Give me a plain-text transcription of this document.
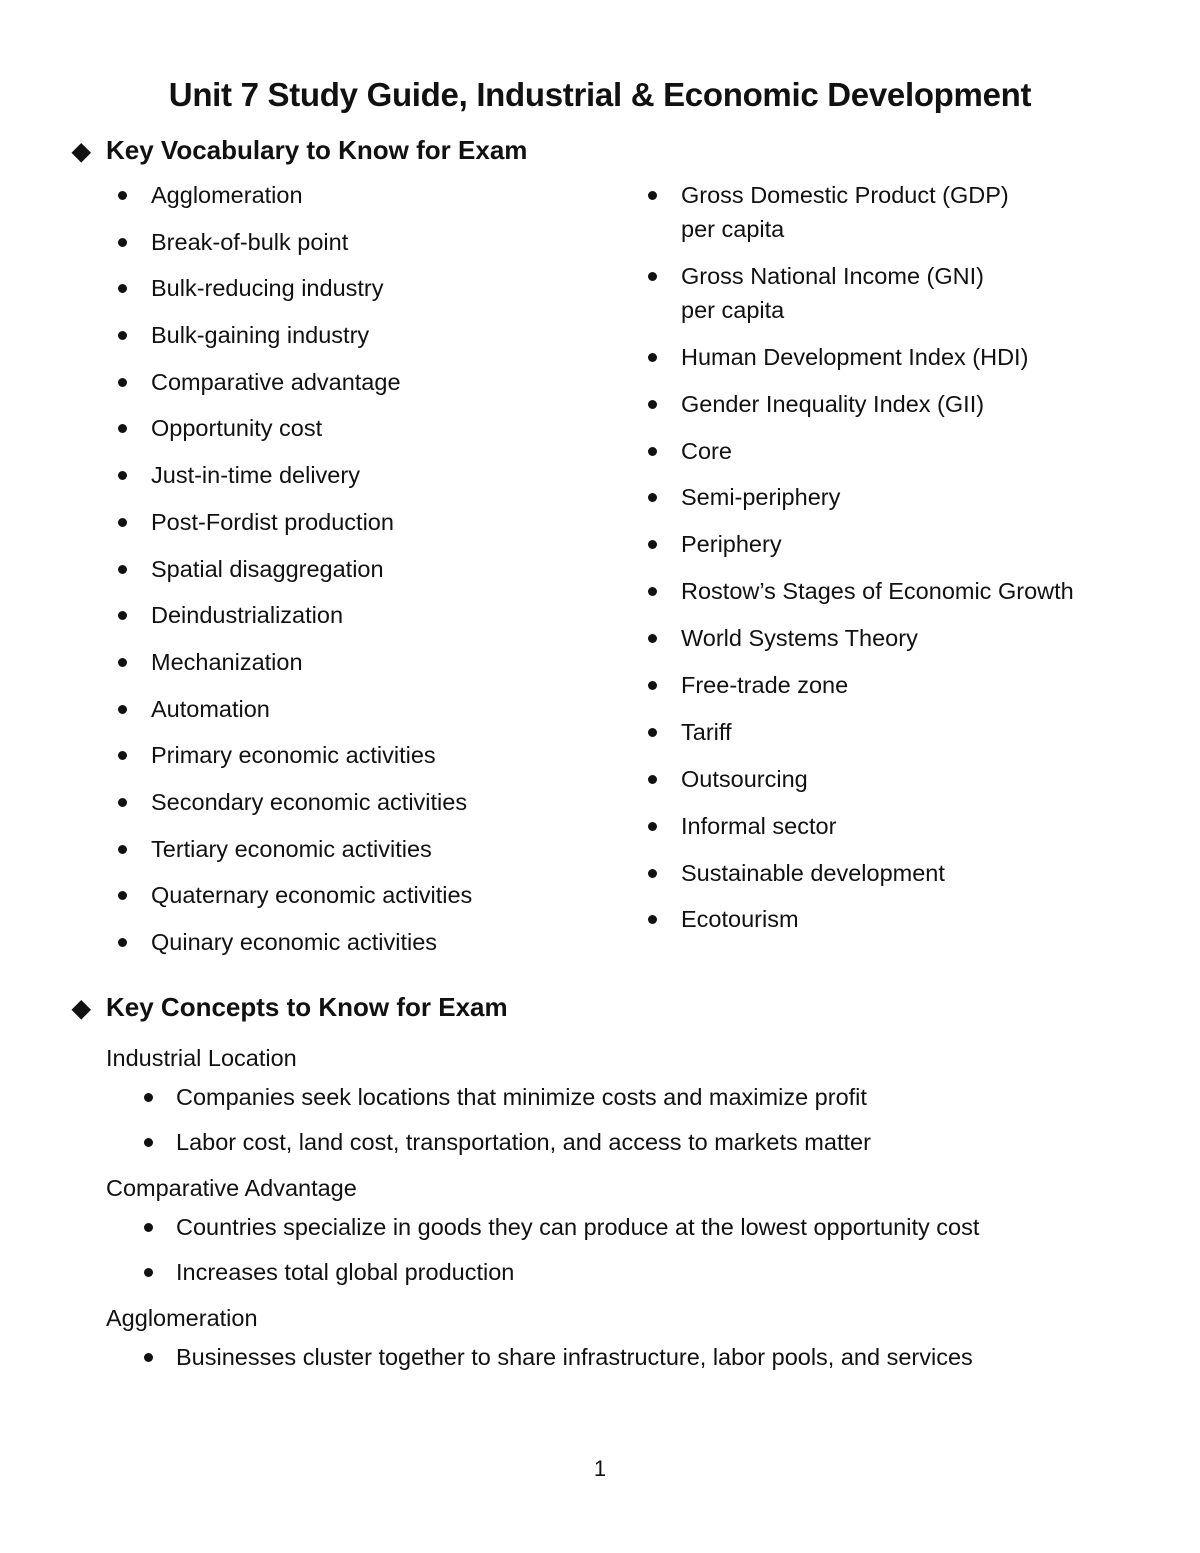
Unit 7 Study Guide, Industrial & Economic Development
◆ Key Vocabulary to Know for Exam
Agglomeration
Break-of-bulk point
Bulk-reducing industry
Bulk-gaining industry
Comparative advantage
Opportunity cost
Just-in-time delivery
Post-Fordist production
Spatial disaggregation
Deindustrialization
Mechanization
Automation
Primary economic activities
Secondary economic activities
Tertiary economic activities
Quaternary economic activities
Quinary economic activities
Gross Domestic Product (GDP)
per capita
Gross National Income (GNI)
per capita
Human Development Index (HDI)
Gender Inequality Index (GII)
Core
Semi-periphery
Periphery
Rostow’s Stages of Economic Growth
World Systems Theory
Free-trade zone
Tariff
Outsourcing
Informal sector
Sustainable development
Ecotourism
◆ Key Concepts to Know for Exam
Industrial Location
Companies seek locations that minimize costs and maximize profit
Labor cost, land cost, transportation, and access to markets matter
Comparative Advantage
Countries specialize in goods they can produce at the lowest opportunity cost
Increases total global production
Agglomeration
Businesses cluster together to share infrastructure, labor pools, and services
1
